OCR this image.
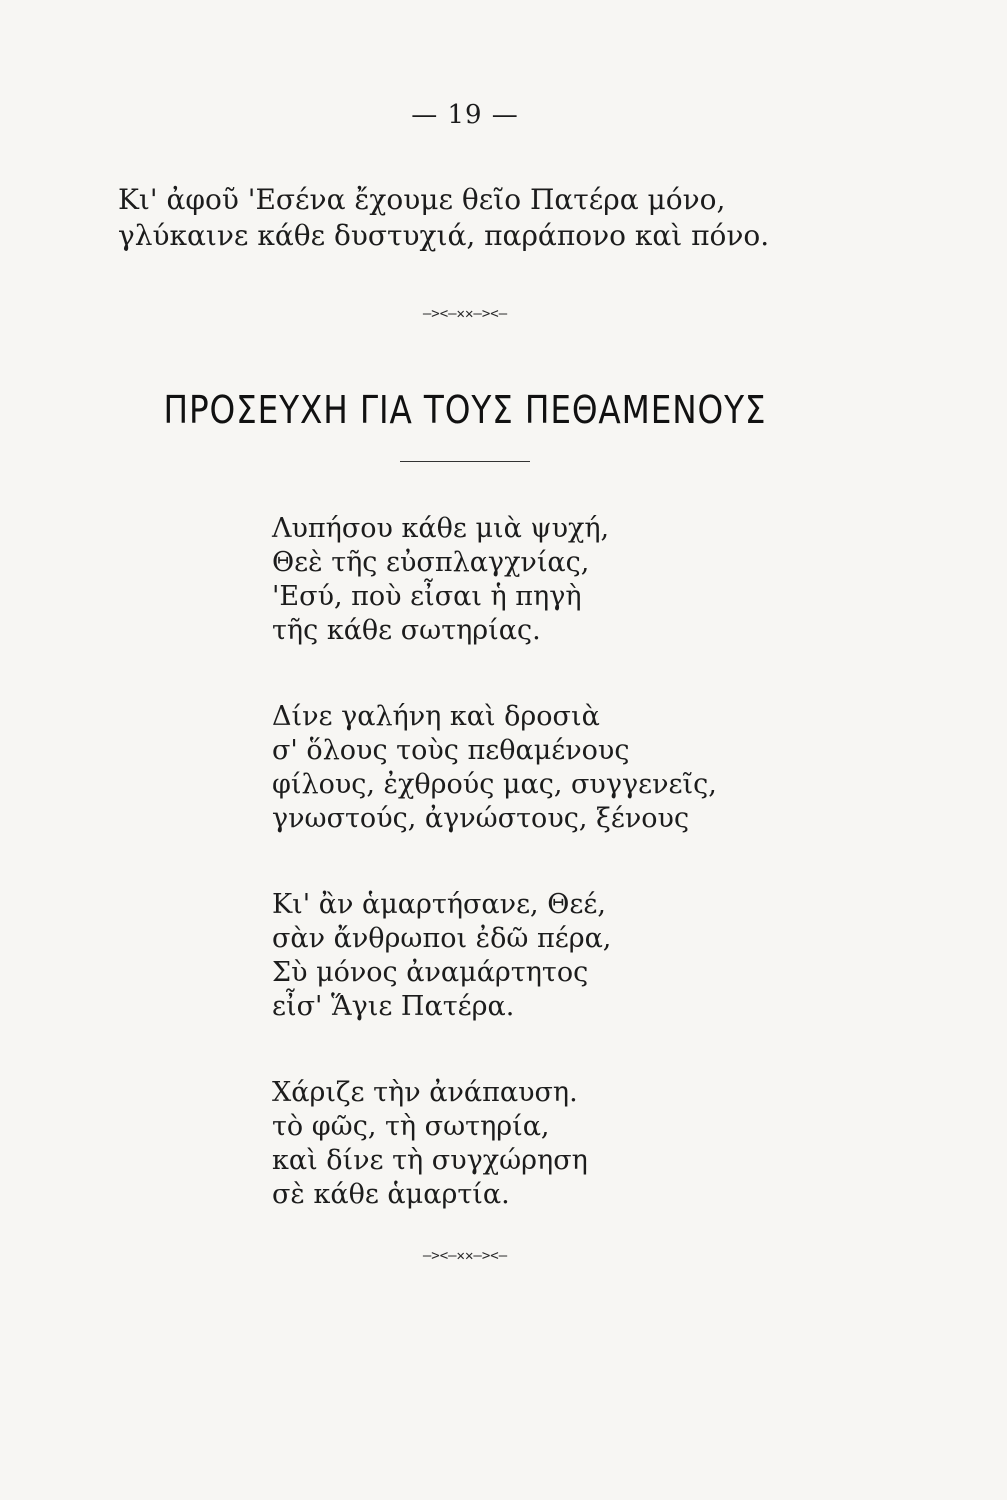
— 19 —
Κι' ἀφοῦ 'Εσένα ἔχουμε θεῖο Πατέρα μόνο,
γλύκαινε κάθε δυστυχιά, παράπονο καὶ πόνο.
—><—✕✕—><—
ΠΡΟΣΕΥΧΗ ΓΙΑ ΤΟΥΣ ΠΕΘΑΜΕΝΟΥΣ
Λυπήσου κάθε μιὰ ψυχή,
Θεὲ τῆς εὐσπλαγχνίας,
'Εσύ, ποὺ εἶσαι ἡ πηγὴ
τῆς κάθε σωτηρίας.
Δίνε γαλήνη καὶ δροσιὰ
σ' ὅλους τοὺς πεθαμένους
φίλους, ἐχθρούς μας, συγγενεῖς,
γνωστούς, ἀγνώστους, ξένους
Κι' ἂν ἁμαρτήσανε, Θεέ,
σὰν ἄνθρωποι ἐδῶ πέρα,
Σὺ μόνος ἀναμάρτητος
εἶσ' Ἅγιε Πατέρα.
Χάριζε τὴν ἀνάπαυση.
τὸ φῶς, τὴ σωτηρία,
καὶ δίνε τὴ συγχώρηση
σὲ κάθε ἁμαρτία.
—><—✕✕—><—
